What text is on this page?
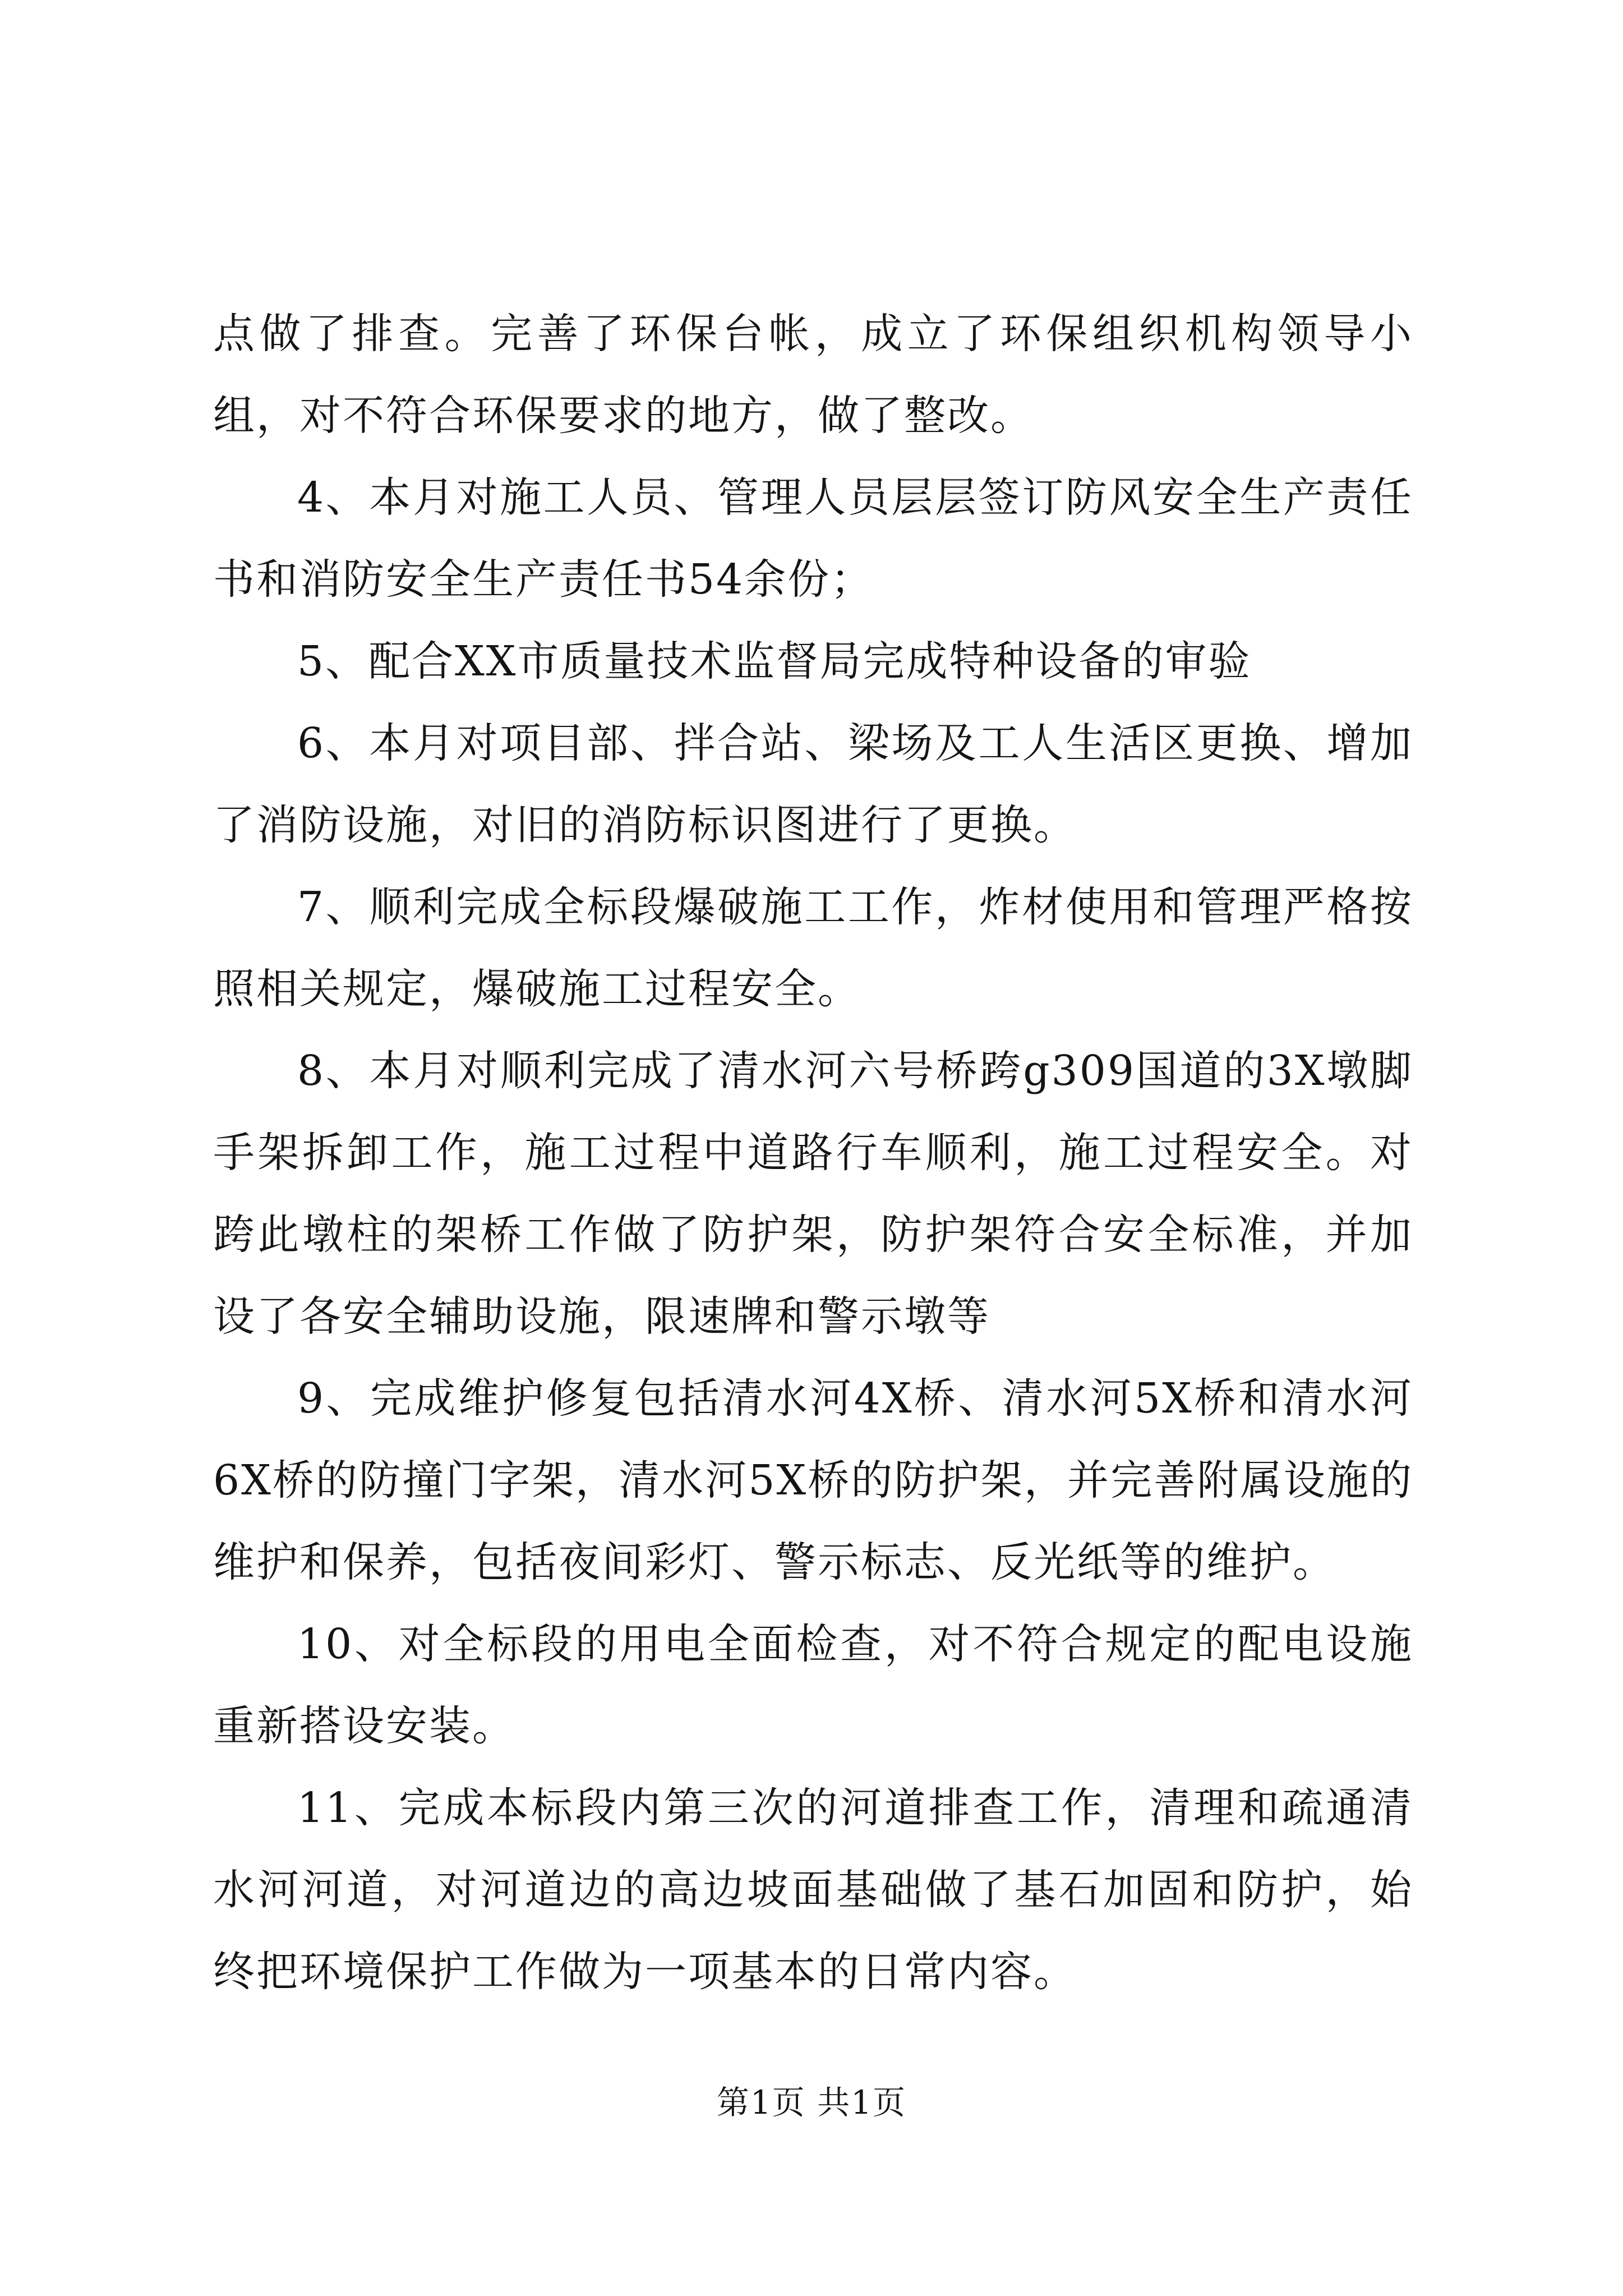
点做了排查。完善了环保台帐，成立了环保组织机构领导小组，对不符合环保要求的地方，做了整改。

4、本月对施工人员、管理人员层层签订防风安全生产责任书和消防安全生产责任书54余份；

5、配合XX市质量技术监督局完成特种设备的审验

6、本月对项目部、拌合站、梁场及工人生活区更换、增加了消防设施，对旧的消防标识图进行了更换。

7、顺利完成全标段爆破施工工作，炸材使用和管理严格按照相关规定，爆破施工过程安全。

8、本月对顺利完成了清水河六号桥跨g309国道的3X墩脚手架拆卸工作，施工过程中道路行车顺利，施工过程安全。对跨此墩柱的架桥工作做了防护架，防护架符合安全标准，并加设了各安全辅助设施，限速牌和警示墩等

9、完成维护修复包括清水河4X桥、清水河5X桥和清水河6X桥的防撞门字架，清水河5X桥的防护架，并完善附属设施的维护和保养，包括夜间彩灯、警示标志、反光纸等的维护。

10、对全标段的用电全面检查，对不符合规定的配电设施重新搭设安装。

11、完成本标段内第三次的河道排查工作，清理和疏通清水河河道，对河道边的高边坡面基础做了基石加固和防护，始终把环境保护工作做为一项基本的日常内容。

第1页 共1页
